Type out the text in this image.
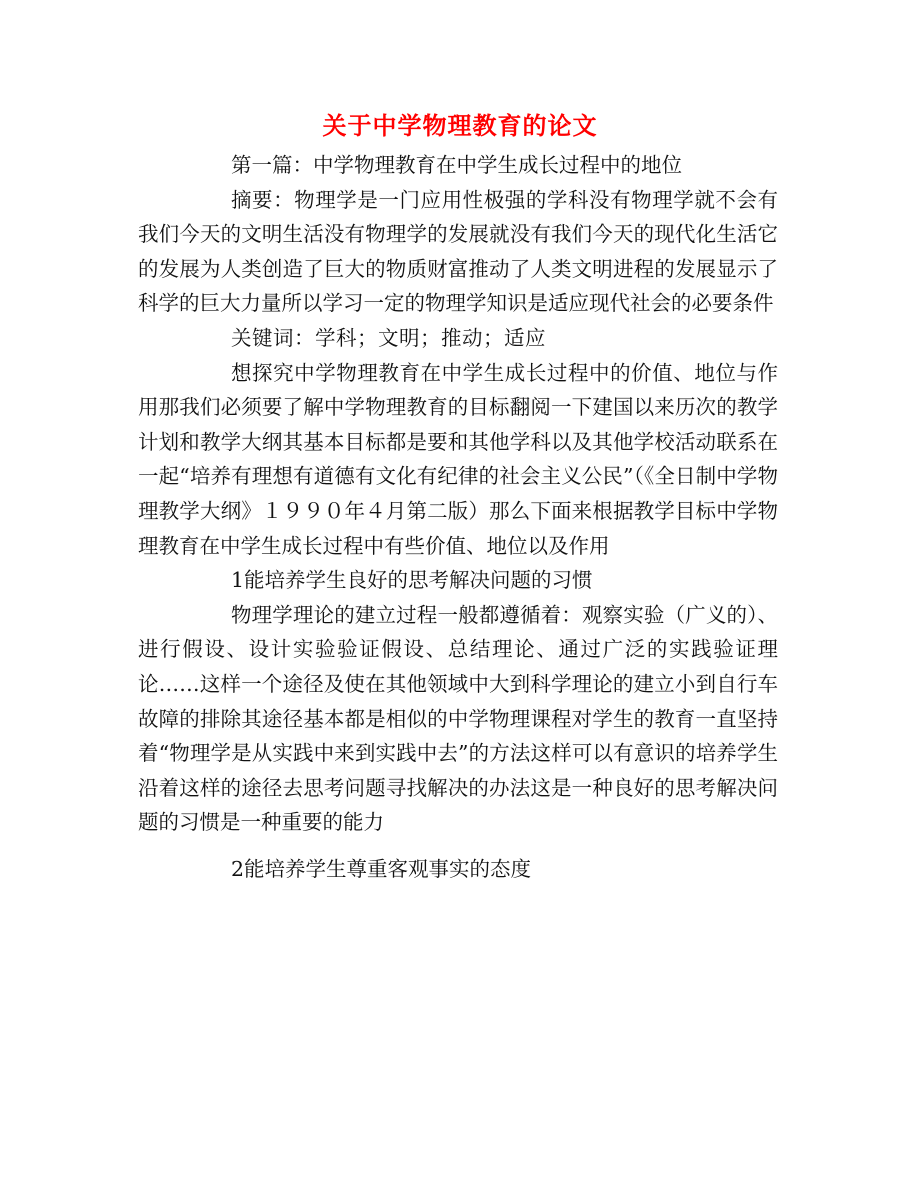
关于中学物理教育的论文

第一篇：中学物理教育在中学生成长过程中的地位

摘要：物理学是一门应用性极强的学科没有物理学就不会有我们今天的文明生活没有物理学的发展就没有我们今天的现代化生活它的发展为人类创造了巨大的物质财富推动了人类文明进程的发展显示了科学的巨大力量所以学习一定的物理学知识是适应现代社会的必要条件

关键词：学科；文明；推动；适应

想探究中学物理教育在中学生成长过程中的价值、地位与作用那我们必须要了解中学物理教育的目标翻阅一下建国以来历次的教学计划和教学大纲其基本目标都是要和其他学科以及其他学校活动联系在一起“培养有理想有道德有文化有纪律的社会主义公民”（《全日制中学物理教学大纲》１９９０年４月第二版）那么下面来根据教学目标中学物理教育在中学生成长过程中有些价值、地位以及作用

1能培养学生良好的思考解决问题的习惯

物理学理论的建立过程一般都遵循着：观察实验（广义的）、进行假设、设计实验验证假设、总结理论、通过广泛的实践验证理论……这样一个途径及使在其他领域中大到科学理论的建立小到自行车故障的排除其途径基本都是相似的中学物理课程对学生的教育一直坚持着“物理学是从实践中来到实践中去”的方法这样可以有意识的培养学生沿着这样的途径去思考问题寻找解决的办法这是一种良好的思考解决问题的习惯是一种重要的能力

2能培养学生尊重客观事实的态度
